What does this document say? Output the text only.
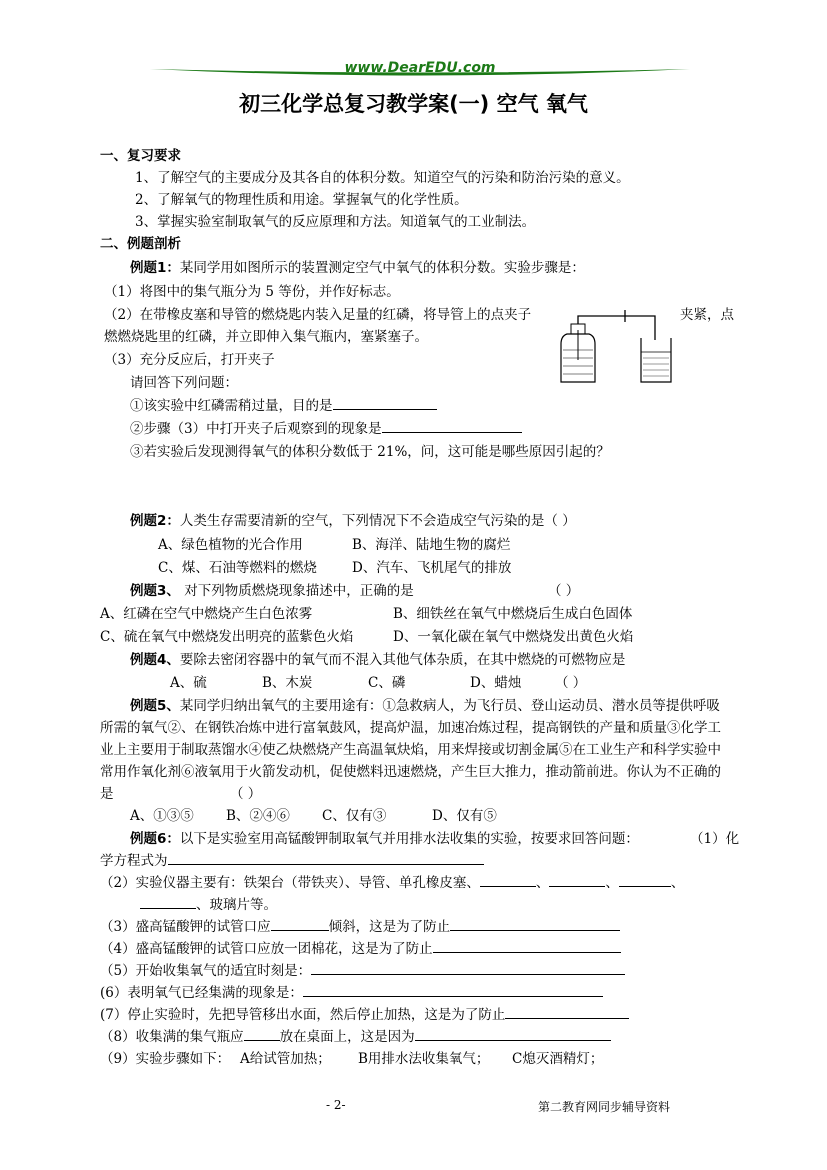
www.DearEDU.com
初三化学总复习教学案(一) 空气 氧气
一、复习要求
1、了解空气的主要成分及其各自的体积分数。知道空气的污染和防治污染的意义。
2、了解氧气的物理性质和用途。掌握氧气的化学性质。
3、掌握实验室制取氧气的反应原理和方法。知道氧气的工业制法。
二、例题剖析
例题1：某同学用如图所示的装置测定空气中氧气的体积分数。实验步骤是：
（1）将图中的集气瓶分为 5 等份，并作好标志。
（2）在带橡皮塞和导管的燃烧匙内装入足量的红磷，将导管上的点夹子	夹紧，点
燃燃烧匙里的红磷，并立即伸入集气瓶内，塞紧塞子。
（3）充分反应后，打开夹子
请回答下列问题：
①该实验中红磷需稍过量，目的是
②步骤（3）中打开夹子后观察到的现象是
③若实验后发现测得氧气的体积分数低于 21%，问，这可能是哪些原因引起的？
例题2：人类生存需要清新的空气，下列情况下不会造成空气污染的是（ ）
A、绿色植物的光合作用	B、海洋、陆地生物的腐烂
C、煤、石油等燃料的燃烧	D、汽车、飞机尾气的排放
例题3、 对下列物质燃烧现象描述中，正确的是	（ ）
A、红磷在空气中燃烧产生白色浓雾	B、细铁丝在氧气中燃烧后生成白色固体
C、硫在氧气中燃烧发出明亮的蓝紫色火焰	D、一氧化碳在氧气中燃烧发出黄色火焰
例题4、要除去密闭容器中的氧气而不混入其他气体杂质，在其中燃烧的可燃物应是
A、硫	B、木炭	C、磷	D、蜡烛 （ ）
例题5、某同学归纳出氧气的主要用途有：①急救病人，为飞行员、登山运动员、潜水员等提供呼吸
所需的氧气②、在钢铁冶炼中进行富氧鼓风，提高炉温，加速冶炼过程，提高钢铁的产量和质量③化学工
业上主要用于制取蒸馏水④使乙炔燃烧产生高温氧炔焰，用来焊接或切割金属⑤在工业生产和科学实验中
常用作氧化剂⑥液氧用于火箭发动机，促使燃料迅速燃烧，产生巨大推力，推动箭前进。你认为不正确的
是	（ ）
A、①③⑤ B、②④⑥ C、仅有③	D、仅有⑤
例题6：以下是实验室用高锰酸钾制取氧气并用排水法收集的实验，按要求回答问题：	（1）化
学方程式为
（2）实验仪器主要有：铁架台（带铁夹）、导管、单孔橡皮塞、	、	、	、
、玻璃片等。
（3）盛高锰酸钾的试管口应	倾斜，这是为了防止
（4）盛高锰酸钾的试管口应放一团棉花，这是为了防止
（5）开始收集氧气的适宜时刻是：
(6）表明氧气已经集满的现象是：
(7）停止实验时，先把导管移出水面，然后停止加热，这是为了防止
（8）收集满的集气瓶应	放在桌面上，这是因为
（9）实验步骤如下： A给试管加热； B用排水法收集氧气； C熄灭酒精灯；
- 2-	第二教育网同步辅导资料
